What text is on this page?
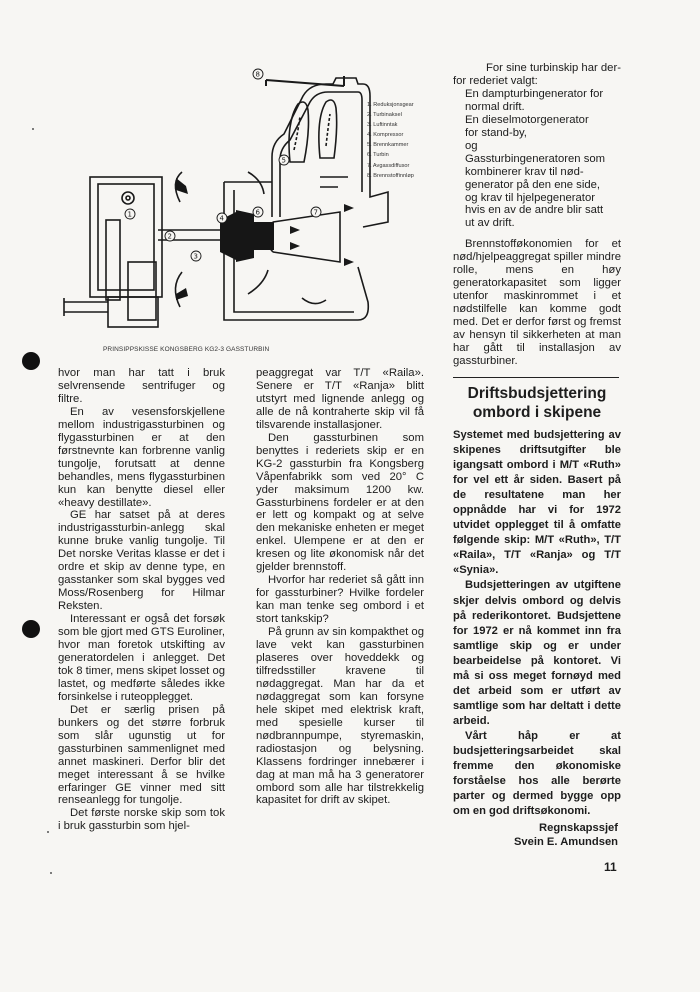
8
1
2
3
4
5
6	7
1. Reduksjonsgear
2. Turbinaksel
3. Luftinntak
4. Kompressor
5. Brennkammer
6. Turbin
7. Avgassdiffusor
8. Brennstoffinnløp
PRINSIPPSKISSE KONGSBERG KG2-3 GASSTURBIN

For sine turbinskip har der-

for rederiet valgt:

En dampturbingenerator for

normal drift.

En dieselmotorgenerator

for stand-by,

og

Gassturbingeneratoren som

kombinerer krav til nød-

generator på den ene side,

og krav til hjelpegenerator

hvis en av de andre blir satt

ut av drift.

Brennstofføkonomien for et nød/hjelpeaggregat spiller mindre rolle, mens en høy generatorkapasitet som ligger utenfor maskinrommet i et nødstilfelle kan komme godt med. Det er derfor først og fremst av hensyn til sikkerheten at man har gått til installasjon av gassturbiner.

Driftsbudsjettering ombord i skipene

Systemet med budsjettering av skipenes driftsutgifter ble igangsatt ombord i M/T «Ruth» for vel ett år siden. Basert på de resultatene man her oppnådde har vi for 1972 utvidet opplegget til å omfatte følgende skip: M/T «Ruth», T/T «Raila», T/T «Ranja» og T/T «Synia».

Budsjetteringen av utgiftene skjer delvis ombord og delvis på rederikontoret. Budsjettene for 1972 er nå kommet inn fra samtlige skip og er under bearbeidelse på kontoret. Vi må si oss meget fornøyd med det arbeid som er utført av samtlige som har deltatt i dette arbeid.

Vårt håp er at budsjetteringsarbeidet skal fremme den økonomiske forståelse hos alle berørte parter og dermed bygge opp om en god driftsøkonomi.

Regnskapssjef
Svein E. Amundsen

hvor man har tatt i bruk selvrensende sentrifuger og filtre.

En av vesensforskjellene mellom industrigassturbinen og flygassturbinen er at den førstnevnte kan forbrenne vanlig tungolje, forutsatt at denne behandles, mens flygassturbinen kun kan benytte diesel eller «heavy destillate».

GE har satset på at deres industrigassturbin-anlegg skal kunne bruke vanlig tungolje. Til Det norske Veritas klasse er det i ordre et skip av denne type, en gasstanker som skal bygges ved Moss/Rosenberg for Hilmar Reksten.

Interessant er også det forsøk som ble gjort med GTS Euroliner, hvor man foretok utskifting av generatordelen i anlegget. Det tok 8 timer, mens skipet losset og lastet, og medførte således ikke forsinkelse i ruteopplegget.

Det er særlig prisen på bunkers og det større forbruk som slår ugunstig ut for gassturbinen sammenlignet med annet maskineri. Derfor blir det meget interessant å se hvilke erfaringer GE vinner med sitt renseanlegg for tungolje.

Det første norske skip som tok i bruk gassturbin som hjel-

peaggregat var T/T «Raila». Senere er T/T «Ranja» blitt utstyrt med lignende anlegg og alle de nå kontraherte skip vil få tilsvarende installasjoner.

Den gassturbinen som benyttes i rederiets skip er en KG-2 gassturbin fra Kongsberg Våpenfabrikk som ved 20° C yder maksimum 1200 kw. Gassturbinens fordeler er at den er lett og kompakt og at selve den mekaniske enheten er meget enkel. Ulempene er at den er kresen og lite økonomisk når det gjelder brennstoff.

Hvorfor har rederiet så gått inn for gassturbiner? Hvilke fordeler kan man tenke seg ombord i et stort tankskip?

På grunn av sin kompakthet og lave vekt kan gassturbinen plaseres over hoveddekk og tilfredsstiller kravene til nødaggregat. Man har da et nødaggregat som kan forsyne hele skipet med elektrisk kraft, med spesielle kurser til nødbrannpumpe, styremaskin, radiostasjon og belysning. Klassens fordringer innebærer i dag at man må ha 3 generatorer ombord som alle har tilstrekkelig kapasitet for drift av skipet.

11
